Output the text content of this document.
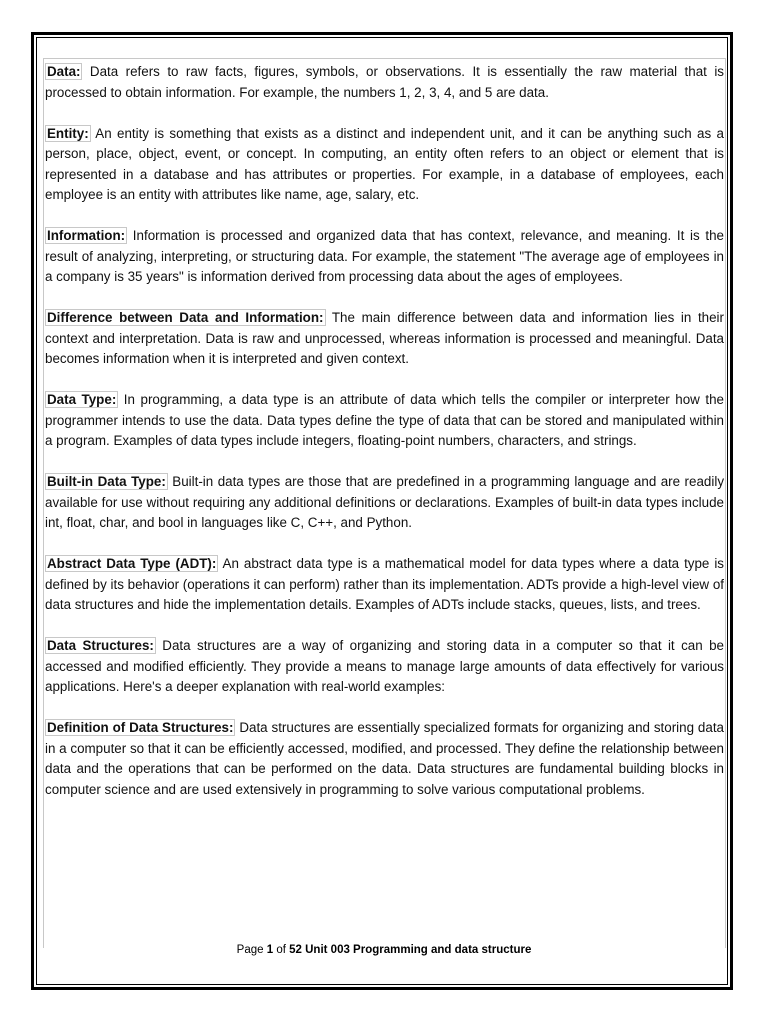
Data: Data refers to raw facts, figures, symbols, or observations. It is essentially the raw material that is processed to obtain information. For example, the numbers 1, 2, 3, 4, and 5 are data.

Entity: An entity is something that exists as a distinct and independent unit, and it can be anything such as a person, place, object, event, or concept. In computing, an entity often refers to an object or element that is represented in a database and has attributes or properties. For example, in a database of employees, each employee is an entity with attributes like name, age, salary, etc.

Information: Information is processed and organized data that has context, relevance, and meaning. It is the result of analyzing, interpreting, or structuring data. For example, the statement "The average age of employees in a company is 35 years" is information derived from processing data about the ages of employees.

Difference between Data and Information: The main difference between data and information lies in their context and interpretation. Data is raw and unprocessed, whereas information is processed and meaningful. Data becomes information when it is interpreted and given context.

Data Type: In programming, a data type is an attribute of data which tells the compiler or interpreter how the programmer intends to use the data. Data types define the type of data that can be stored and manipulated within a program. Examples of data types include integers, floating-point numbers, characters, and strings.

Built-in Data Type: Built-in data types are those that are predefined in a programming language and are readily available for use without requiring any additional definitions or declarations. Examples of built-in data types include int, float, char, and bool in languages like C, C++, and Python.

Abstract Data Type (ADT): An abstract data type is a mathematical model for data types where a data type is defined by its behavior (operations it can perform) rather than its implementation. ADTs provide a high-level view of data structures and hide the implementation details. Examples of ADTs include stacks, queues, lists, and trees.

Data Structures: Data structures are a way of organizing and storing data in a computer so that it can be accessed and modified efficiently. They provide a means to manage large amounts of data effectively for various applications. Here's a deeper explanation with real-world examples:

Definition of Data Structures: Data structures are essentially specialized formats for organizing and storing data in a computer so that it can be efficiently accessed, modified, and processed. They define the relationship between data and the operations that can be performed on the data. Data structures are fundamental building blocks in computer science and are used extensively in programming to solve various computational problems.

Page 1 of 52 Unit 003 Programming and data structure
